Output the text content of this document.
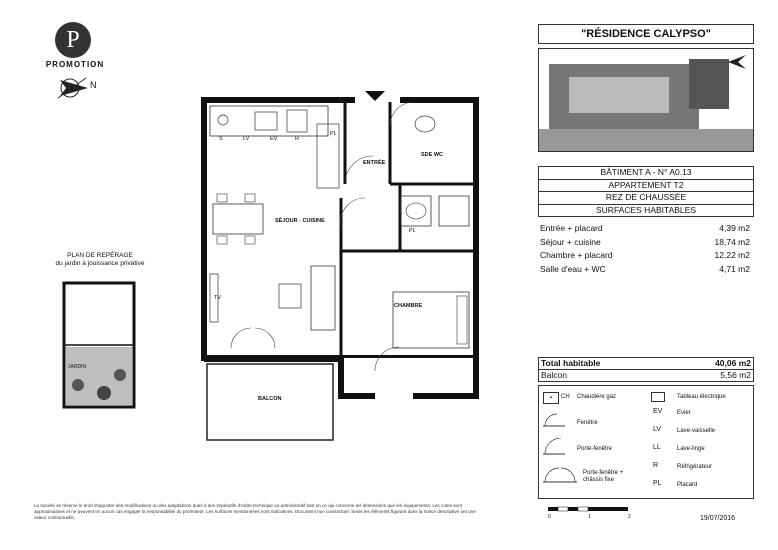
P
PROMOTION
N
ENTRÉE
SDE WC
SÉJOUR - CUISINE
CHAMBRE
BALCON
TV
PL
PL
S	LV	EV	R
PLAN DE REPÉRAGE
du jardin à jouissance privative
JARDIN
"RÉSIDENCE CALYPSO"
BÂTIMENT A - N° A0.13
APPARTEMENT T2
REZ DE CHAUSSÉE
SURFACES HABITABLES
Entrée + placard	4,39 m2
Séjour + cuisine	18,74 m2
Chambre + placard	12,22 m2
Salle d'eau + WC	4,71 m2
Total habitable	40,06 m2
Balcon	5,56 m2
▪	CH Chaudière gaz
Fenêtre
Porte-fenêtre
Porte-fenêtre + châssis fixe
Tableau électrique
EV Evier
LV	Lave-vaisselle
LL	Lave-linge
R	Réfrigérateur
PL	Placard
0	1	2	19/07/2016
La société se réserve le droit d'apporter des modifications ou des adaptations dues à des impératifs d'ordre technique ou administratif tant en ce qui concerne les dimensions que les équipements. Les cotes sont approximatives et ne peuvent en aucun cas engager la responsabilité du promoteur. Les surfaces mentionnées sont indicatives. Document non contractuel. Seuls les éléments figurant dans la notice descriptive ont une valeur contractuelle.
